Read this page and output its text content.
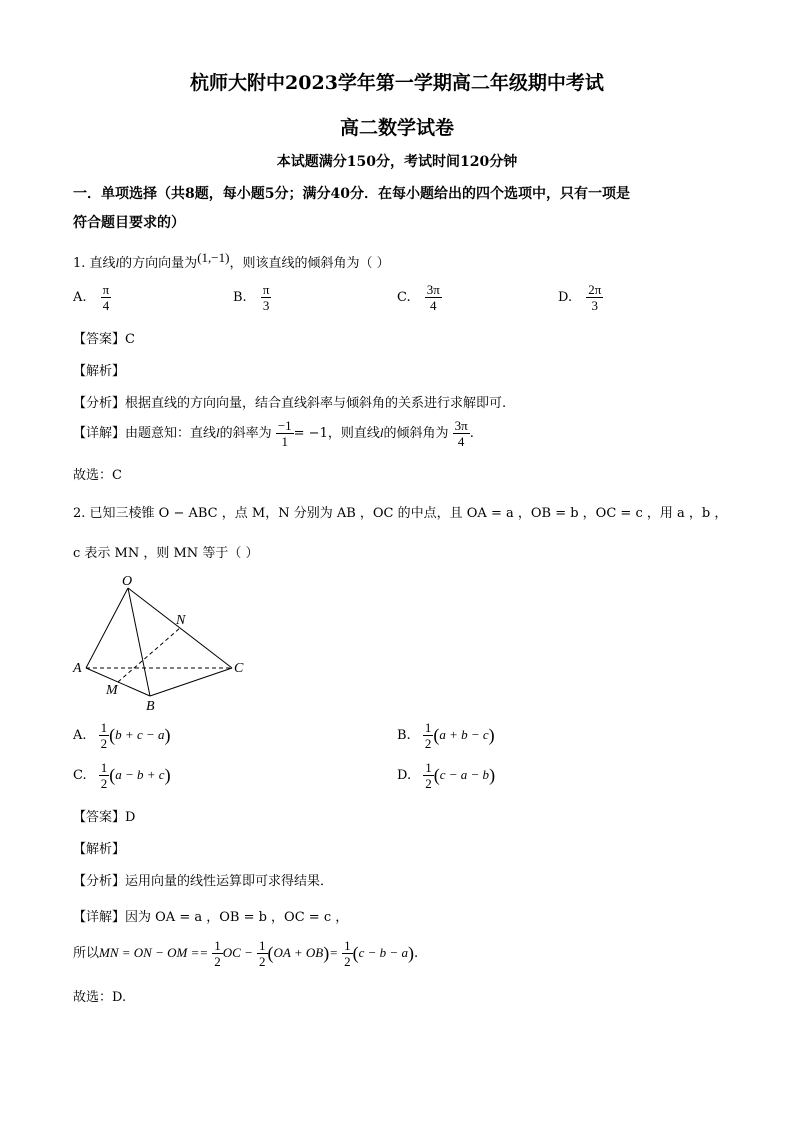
杭师大附中2023学年第一学期高二年级期中考试
高二数学试卷
本试题满分150分，考试时间120分钟
一．单项选择（共8题，每小题5分；满分40分．在每小题给出的四个选项中，只有一项是
符合题目要求的）
1. 直线l的方向向量为(1,−1)，则该直线的倾斜角为（ ）
A. $\frac{\pi}{4}$	B. $\frac{\pi}{3}$	C. $\frac{3\pi}{4}$	D. $\frac{2\pi}{3}$
【答案】C
【解析】
【分析】根据直线的方向向量，结合直线斜率与倾斜角的关系进行求解即可.
【详解】由题意知：直线l的斜率为 $\frac{-1}{1} = -1$，则直线l的倾斜角为 $\frac{3\pi}{4}$ .
故选：C
2. 已知三棱锥 O − ABC ，点 M，N 分别为 AB ，OC 的中点，且 OA = a ，OB = b ，OC = c ，用 a ，b ，
c 表示 MN ，则 MN 等于（ ）
O
A
B
C
M
N
A. $\frac{1}{2} (b + c - a)$	B. $\frac{1}{2} (a + b - c)$
C. $\frac{1}{2} (a - b + c)$	D. $\frac{1}{2} (c - a - b)$
【答案】D
【解析】
【分析】运用向量的线性运算即可求得结果．
【详解】因为 OA = a ，OB = b ，OC = c ，
所以MN = ON − OM == $\frac{1}{2}$ OC − $\frac{1}{2} (OA + OB)= \frac{1}{2} (c - b - a)$.
故选：D.
